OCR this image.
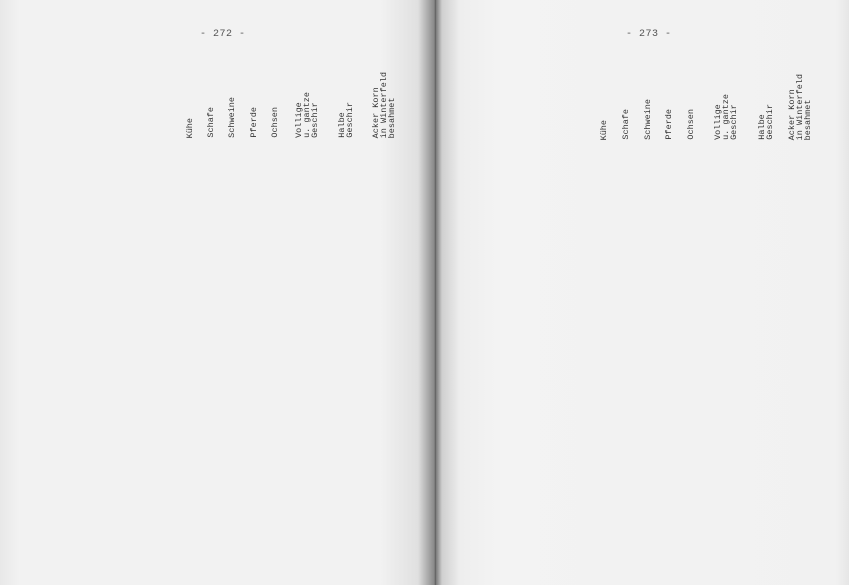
- 272 -
Kühe Schafe Schweine Pferde Ochsen Vollige
u. gantze
Geschir Halbe
Geschir Acker Korn
in Winterfeld
besahmet
- 273 -
Kühe Schafe Schweine Pferde Ochsen Vollige
u. gantze
Geschir Halbe
Geschir Acker Korn
in Winterfeld
besahmet
